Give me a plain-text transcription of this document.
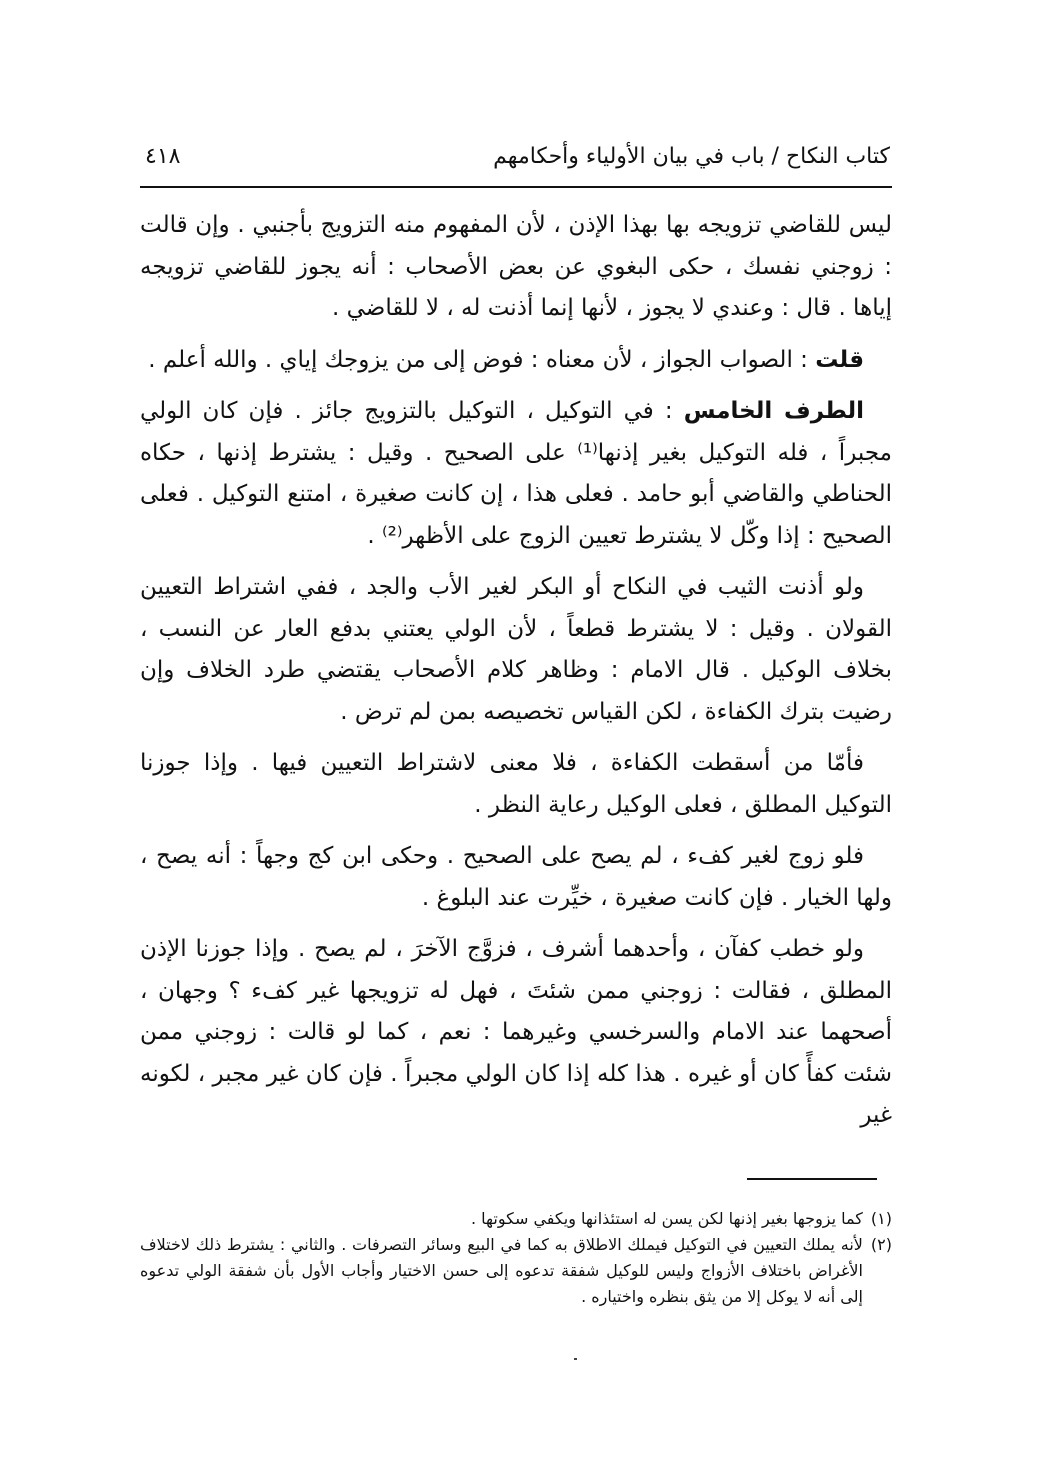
كتاب النكاح / باب في بيان الأولياء وأحكامهم
٤١٨

ليس للقاضي تزويجه بها بهذا الإذن ، لأن المفهوم منه التزويج بأجنبي . وإن قالت : زوجني نفسك ، حكى البغوي عن بعض الأصحاب : أنه يجوز للقاضي تزويجه إياها . قال : وعندي لا يجوز ، لأنها إنما أذنت له ، لا للقاضي .

قلت : الصواب الجواز ، لأن معناه : فوض إلى من يزوجك إياي . والله أعلم .

الطرف الخامس : في التوكيل ، التوكيل بالتزويج جائز . فإن كان الولي مجبراً ، فله التوكيل بغير إذنها⁽¹⁾ على الصحيح . وقيل : يشترط إذنها ، حكاه الحناطي والقاضي أبو حامد . فعلى هذا ، إن كانت صغيرة ، امتنع التوكيل . فعلى الصحيح : إذا وكّل لا يشترط تعيين الزوج على الأظهر⁽²⁾ .

ولو أذنت الثيب في النكاح أو البكر لغير الأب والجد ، ففي اشتراط التعيين القولان . وقيل : لا يشترط قطعاً ، لأن الولي يعتني بدفع العار عن النسب ، بخلاف الوكيل . قال الامام : وظاهر كلام الأصحاب يقتضي طرد الخلاف وإن رضيت بترك الكفاءة ، لكن القياس تخصيصه بمن لم ترض .

فأمّا من أسقطت الكفاءة ، فلا معنى لاشتراط التعيين فيها . وإذا جوزنا التوكيل المطلق ، فعلى الوكيل رعاية النظر .

فلو زوج لغير كفء ، لم يصح على الصحيح . وحكى ابن كج وجهاً : أنه يصح ، ولها الخيار . فإن كانت صغيرة ، خيِّرت عند البلوغ .

ولو خطب كفآن ، وأحدهما أشرف ، فزوَّج الآخرَ ، لم يصح . وإذا جوزنا الإذن المطلق ، فقالت : زوجني ممن شئتَ ، فهل له تزويجها غير كفء ؟ وجهان ، أصحهما عند الامام والسرخسي وغيرهما : نعم ، كما لو قالت : زوجني ممن شئت كفأً كان أو غيره . هذا كله إذا كان الولي مجبراً . فإن كان غير مجبر ، لكونه غير

(١)
كما يزوجها بغير إذنها لكن يسن له استئذانها ويكفي سكوتها .

(٢)
لأنه يملك التعيين في التوكيل فيملك الاطلاق به كما في البيع وسائر التصرفات . والثاني : يشترط ذلك لاختلاف الأغراض باختلاف الأزواج وليس للوكيل شفقة تدعوه إلى حسن الاختيار وأجاب الأول بأن شفقة الولي تدعوه إلى أنه لا يوكل إلا من يثق بنظره واختياره .
